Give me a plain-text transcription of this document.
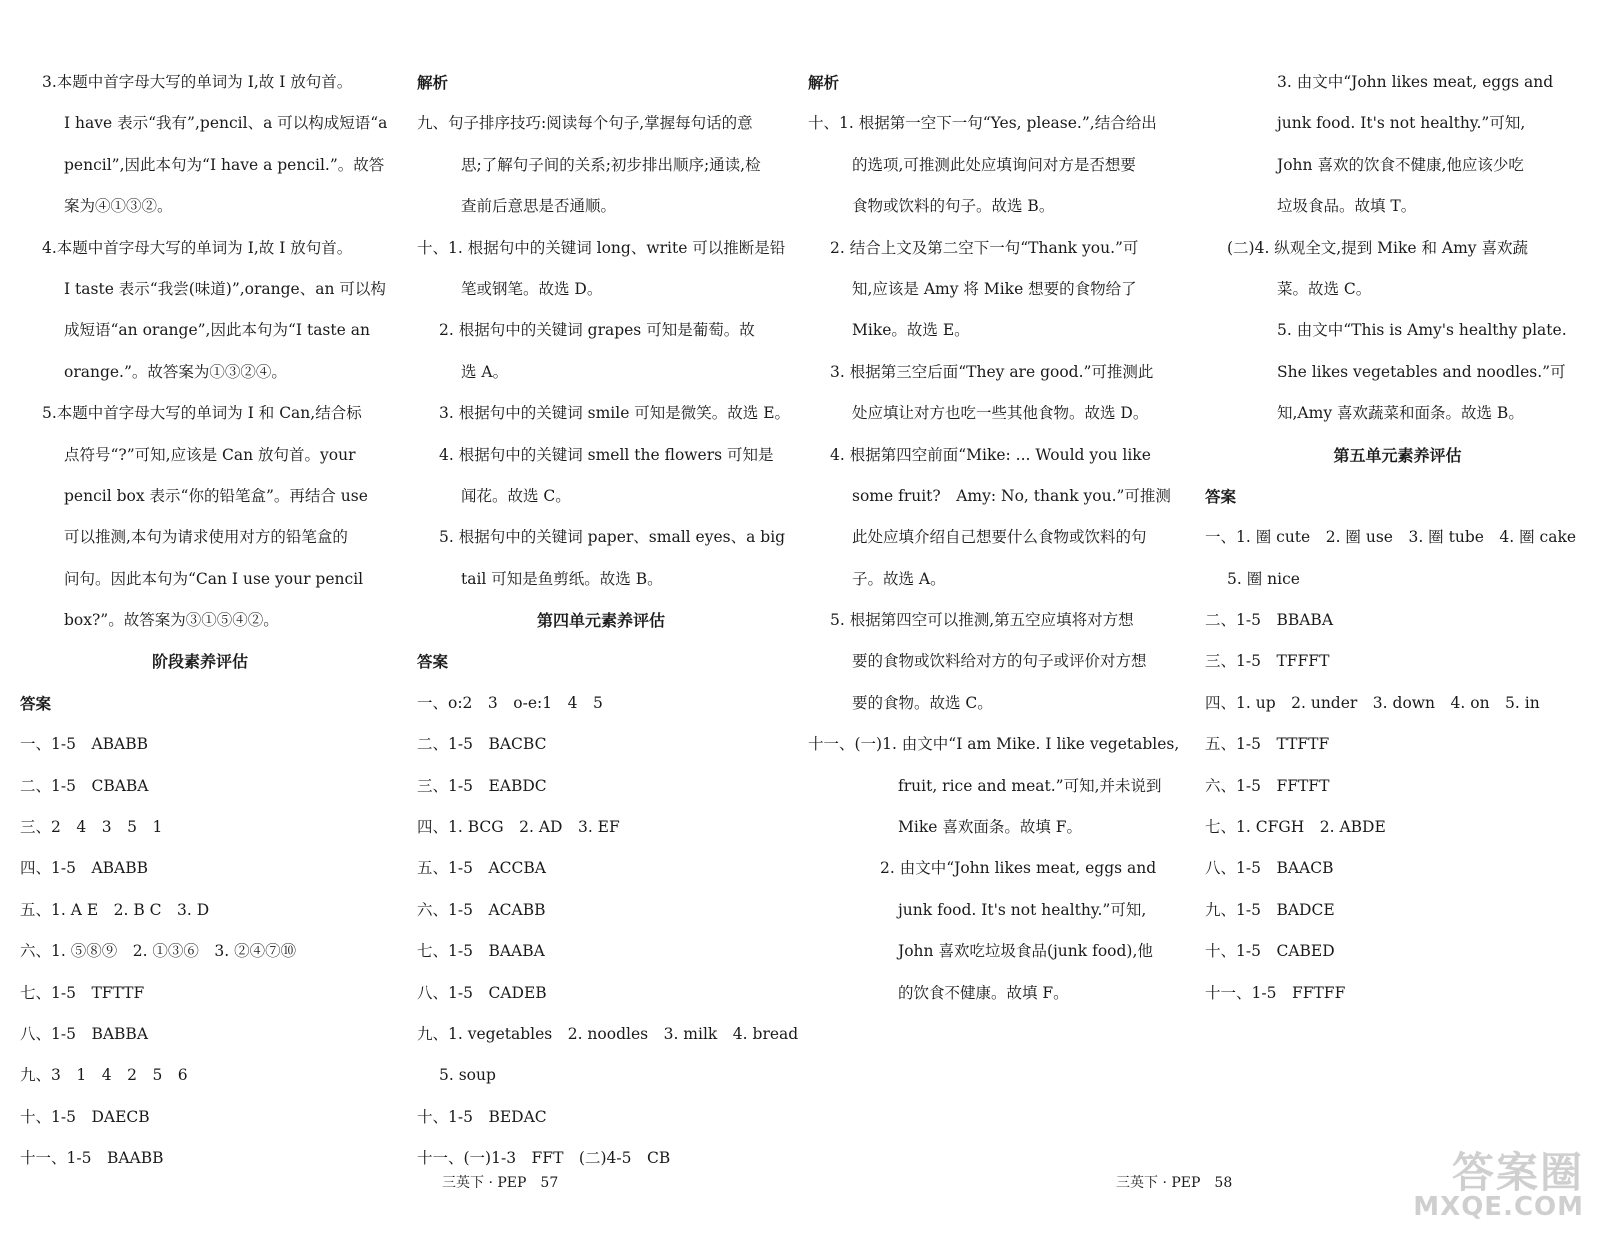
3.本题中首字母大写的单词为 I,故 I 放句首。
I have 表示“我有”,pencil、a 可以构成短语“a
pencil”,因此本句为“I have a pencil.”。故答
案为④①③②。
4.本题中首字母大写的单词为 I,故 I 放句首。
I taste 表示“我尝(味道)”,orange、an 可以构
成短语“an orange”,因此本句为“I taste an
orange.”。故答案为①③②④。
5.本题中首字母大写的单词为 I 和 Can,结合标
点符号“?”可知,应该是 Can 放句首。your
pencil box 表示“你的铅笔盒”。再结合 use
可以推测,本句为请求使用对方的铅笔盒的
问句。因此本句为“Can I use your pencil
box?”。故答案为③①⑤④②。
阶段素养评估
答案
一、1-5　ABABB
二、1-5　CBABA
三、2　4　3　5　1
四、1-5　ABABB
五、1. A E　2. B C　3. D
六、1. ⑤⑧⑨　2. ①③⑥　3. ②④⑦⑩
七、1-5　TFTTF
八、1-5　BABBA
九、3　1　4　2　5　6
十、1-5　DAECB
十一、1-5　BAABB
解析
九、句子排序技巧:阅读每个句子,掌握每句话的意
思;了解句子间的关系;初步排出顺序;通读,检
查前后意思是否通顺。
十、1. 根据句中的关键词 long、write 可以推断是铅
笔或钢笔。故选 D。
2. 根据句中的关键词 grapes 可知是葡萄。故
选 A。
3. 根据句中的关键词 smile 可知是微笑。故选 E。
4. 根据句中的关键词 smell the flowers 可知是
闻花。故选 C。
5. 根据句中的关键词 paper、small eyes、a big
tail 可知是鱼剪纸。故选 B。
第四单元素养评估
答案
一、o:2　3　o-e:1　4　5
二、1-5　BACBC
三、1-5　EABDC
四、1. BCG　2. AD　3. EF
五、1-5　ACCBA
六、1-5　ACABB
七、1-5　BAABA
八、1-5　CADEB
九、1. vegetables　2. noodles　3. milk　4. bread
5. soup
十、1-5　BEDAC
十一、(一)1-3　FFT　(二)4-5　CB
解析
十、1. 根据第一空下一句“Yes, please.”,结合给出
的选项,可推测此处应填询问对方是否想要
食物或饮料的句子。故选 B。
2. 结合上文及第二空下一句“Thank you.”可
知,应该是 Amy 将 Mike 想要的食物给了
Mike。故选 E。
3. 根据第三空后面“They are good.”可推测此
处应填让对方也吃一些其他食物。故选 D。
4. 根据第四空前面“Mike: ... Would you like
some fruit?　Amy: No, thank you.”可推测
此处应填介绍自己想要什么食物或饮料的句
子。故选 A。
5. 根据第四空可以推测,第五空应填将对方想
要的食物或饮料给对方的句子或评价对方想
要的食物。故选 C。
十一、(一)1. 由文中“I am Mike. I like vegetables,
fruit, rice and meat.”可知,并未说到
Mike 喜欢面条。故填 F。
2. 由文中“John likes meat, eggs and
junk food. It's not healthy.”可知,
John 喜欢吃垃圾食品(junk food),他
的饮食不健康。故填 F。
3. 由文中“John likes meat, eggs and
junk food. It's not healthy.”可知,
John 喜欢的饮食不健康,他应该少吃
垃圾食品。故填 T。
(二)4. 纵观全文,提到 Mike 和 Amy 喜欢蔬
菜。故选 C。
5. 由文中“This is Amy's healthy plate.
She likes vegetables and noodles.”可
知,Amy 喜欢蔬菜和面条。故选 B。
第五单元素养评估
答案
一、1. 圈 cute　2. 圈 use　3. 圈 tube　4. 圈 cake
5. 圈 nice
二、1-5　BBABA
三、1-5　TFFFT
四、1. up　2. under　3. down　4. on　5. in
五、1-5　TTFTF
六、1-5　FFTFT
七、1. CFGH　2. ABDE
八、1-5　BAACB
九、1-5　BADCE
十、1-5　CABED
十一、1-5　FFTFF
三英下 · PEP　57	三英下 · PEP　58	答案圈
MXQE.COM
